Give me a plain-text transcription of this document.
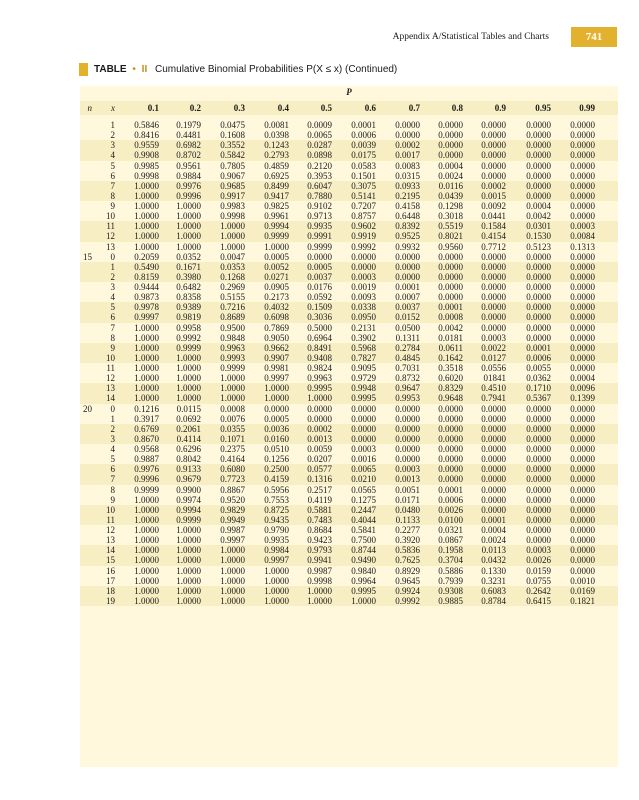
Appendix A/Statistical Tables and Charts	741
TABLE • II Cumulative Binomial Probabilities P(X ≤ x) (Continued)
P
n	x	0.1	0.2	0.3	0.4	0.5	0.6	0.7	0.8	0.9	0.95	0.99
1	0.5846	0.1979	0.0475	0.0081	0.0009	0.0001	0.0000	0.0000	0.0000	0.0000	0.0000
2	0.8416	0.4481	0.1608	0.0398	0.0065	0.0006	0.0000	0.0000	0.0000	0.0000	0.0000
3	0.9559	0.6982	0.3552	0.1243	0.0287	0.0039	0.0002	0.0000	0.0000	0.0000	0.0000
4	0.9908	0.8702	0.5842	0.2793	0.0898	0.0175	0.0017	0.0000	0.0000	0.0000	0.0000
5	0.9985	0.9561	0.7805	0.4859	0.2120	0.0583	0.0083	0.0004	0.0000	0.0000	0.0000
6	0.9998	0.9884	0.9067	0.6925	0.3953	0.1501	0.0315	0.0024	0.0000	0.0000	0.0000
7	1.0000	0.9976	0.9685	0.8499	0.6047	0.3075	0.0933	0.0116	0.0002	0.0000	0.0000
8	1.0000	0.9996	0.9917	0.9417	0.7880	0.5141	0.2195	0.0439	0.0015	0.0000	0.0000
9	1.0000	1.0000	0.9983	0.9825	0.9102	0.7207	0.4158	0.1298	0.0092	0.0004	0.0000
10	1.0000	1.0000	0.9998	0.9961	0.9713	0.8757	0.6448	0.3018	0.0441	0.0042	0.0000
11	1.0000	1.0000	1.0000	0.9994	0.9935	0.9602	0.8392	0.5519	0.1584	0.0301	0.0003
12	1.0000	1.0000	1.0000	0.9999	0.9991	0.9919	0.9525	0.8021	0.4154	0.1530	0.0084
13	1.0000	1.0000	1.0000	1.0000	0.9999	0.9992	0.9932	0.9560	0.7712	0.5123	0.1313
15	0	0.2059	0.0352	0.0047	0.0005	0.0000	0.0000	0.0000	0.0000	0.0000	0.0000	0.0000
1	0.5490	0.1671	0.0353	0.0052	0.0005	0.0000	0.0000	0.0000	0.0000	0.0000	0.0000
2	0.8159	0.3980	0.1268	0.0271	0.0037	0.0003	0.0000	0.0000	0.0000	0.0000	0.0000
3	0.9444	0.6482	0.2969	0.0905	0.0176	0.0019	0.0001	0.0000	0.0000	0.0000	0.0000
4	0.9873	0.8358	0.5155	0.2173	0.0592	0.0093	0.0007	0.0000	0.0000	0.0000	0.0000
5	0.9978	0.9389	0.7216	0.4032	0.1509	0.0338	0.0037	0.0001	0.0000	0.0000	0.0000
6	0.9997	0.9819	0.8689	0.6098	0.3036	0.0950	0.0152	0.0008	0.0000	0.0000	0.0000
7	1.0000	0.9958	0.9500	0.7869	0.5000	0.2131	0.0500	0.0042	0.0000	0.0000	0.0000
8	1.0000	0.9992	0.9848	0.9050	0.6964	0.3902	0.1311	0.0181	0.0003	0.0000	0.0000
9	1.0000	0.9999	0.9963	0.9662	0.8491	0.5968	0.2784	0.0611	0.0022	0.0001	0.0000
10	1.0000	1.0000	0.9993	0.9907	0.9408	0.7827	0.4845	0.1642	0.0127	0.0006	0.0000
11	1.0000	1.0000	0.9999	0.9981	0.9824	0.9095	0.7031	0.3518	0.0556	0.0055	0.0000
12	1.0000	1.0000	1.0000	0.9997	0.9963	0.9729	0.8732	0.6020	01841	0.0362	0.0004
13	1.0000	1.0000	1.0000	1.0000	0.9995	0.9948	0.9647	0.8329	0.4510	0.1710	0.0096
14	1.0000	1.0000	1.0000	1.0000	1.0000	0.9995	0.9953	0.9648	0.7941	0.5367	0.1399
20	0	0.1216	0.0115	0.0008	0.0000	0.0000	0.0000	0.0000	0.0000	0.0000	0.0000	0.0000
1	0.3917	0.0692	0.0076	0.0005	0.0000	0.0000	0.0000	0.0000	0.0000	0.0000	0.0000
2	0.6769	0.2061	0.0355	0.0036	0.0002	0.0000	0.0000	0.0000	0.0000	0.0000	0.0000
3	0.8670	0.4114	0.1071	0.0160	0.0013	0.0000	0.0000	0.0000	0.0000	0.0000	0.0000
4	0.9568	0.6296	0.2375	0.0510	0.0059	0.0003	0.0000	0.0000	0.0000	0.0000	0.0000
5	0.9887	0.8042	0.4164	0.1256	0.0207	0.0016	0.0000	0.0000	0.0000	0.0000	0.0000
6	0.9976	0.9133	0.6080	0.2500	0.0577	0.0065	0.0003	0.0000	0.0000	0.0000	0.0000
7	0.9996	0.9679	0.7723	0.4159	0.1316	0.0210	0.0013	0.0000	0.0000	0.0000	0.0000
8	0.9999	0.9900	0.8867	0.5956	0.2517	0.0565	0.0051	0.0001	0.0000	0.0000	0.0000
9	1.0000	0.9974	0.9520	0.7553	0.4119	0.1275	0.0171	0.0006	0.0000	0.0000	0.0000
10	1.0000	0.9994	0.9829	0.8725	0.5881	0.2447	0.0480	0.0026	0.0000	0.0000	0.0000
11	1.0000	0.9999	0.9949	0.9435	0.7483	0.4044	0.1133	0.0100	0.0001	0.0000	0.0000
12	1.0000	1.0000	0.9987	0.9790	0.8684	0.5841	0.2277	0.0321	0.0004	0.0000	0.0000
13	1.0000	1.0000	0.9997	0.9935	0.9423	0.7500	0.3920	0.0867	0.0024	0.0000	0.0000
14	1.0000	1.0000	1.0000	0.9984	0.9793	0.8744	0.5836	0.1958	0.0113	0.0003	0.0000
15	1.0000	1.0000	1.0000	0.9997	0.9941	0.9490	0.7625	0.3704	0.0432	0.0026	0.0000
16	1.0000	1.0000	1.0000	1.0000	0.9987	0.9840	0.8929	0.5886	0.1330	0.0159	0.0000
17	1.0000	1.0000	1.0000	1.0000	0.9998	0.9964	0.9645	0.7939	0.3231	0.0755	0.0010
18	1.0000	1.0000	1.0000	1.0000	1.0000	0.9995	0.9924	0.9308	0.6083	0.2642	0.0169
19	1.0000	1.0000	1.0000	1.0000	1.0000	1.0000	0.9992	0.9885	0.8784	0.6415	0.1821
